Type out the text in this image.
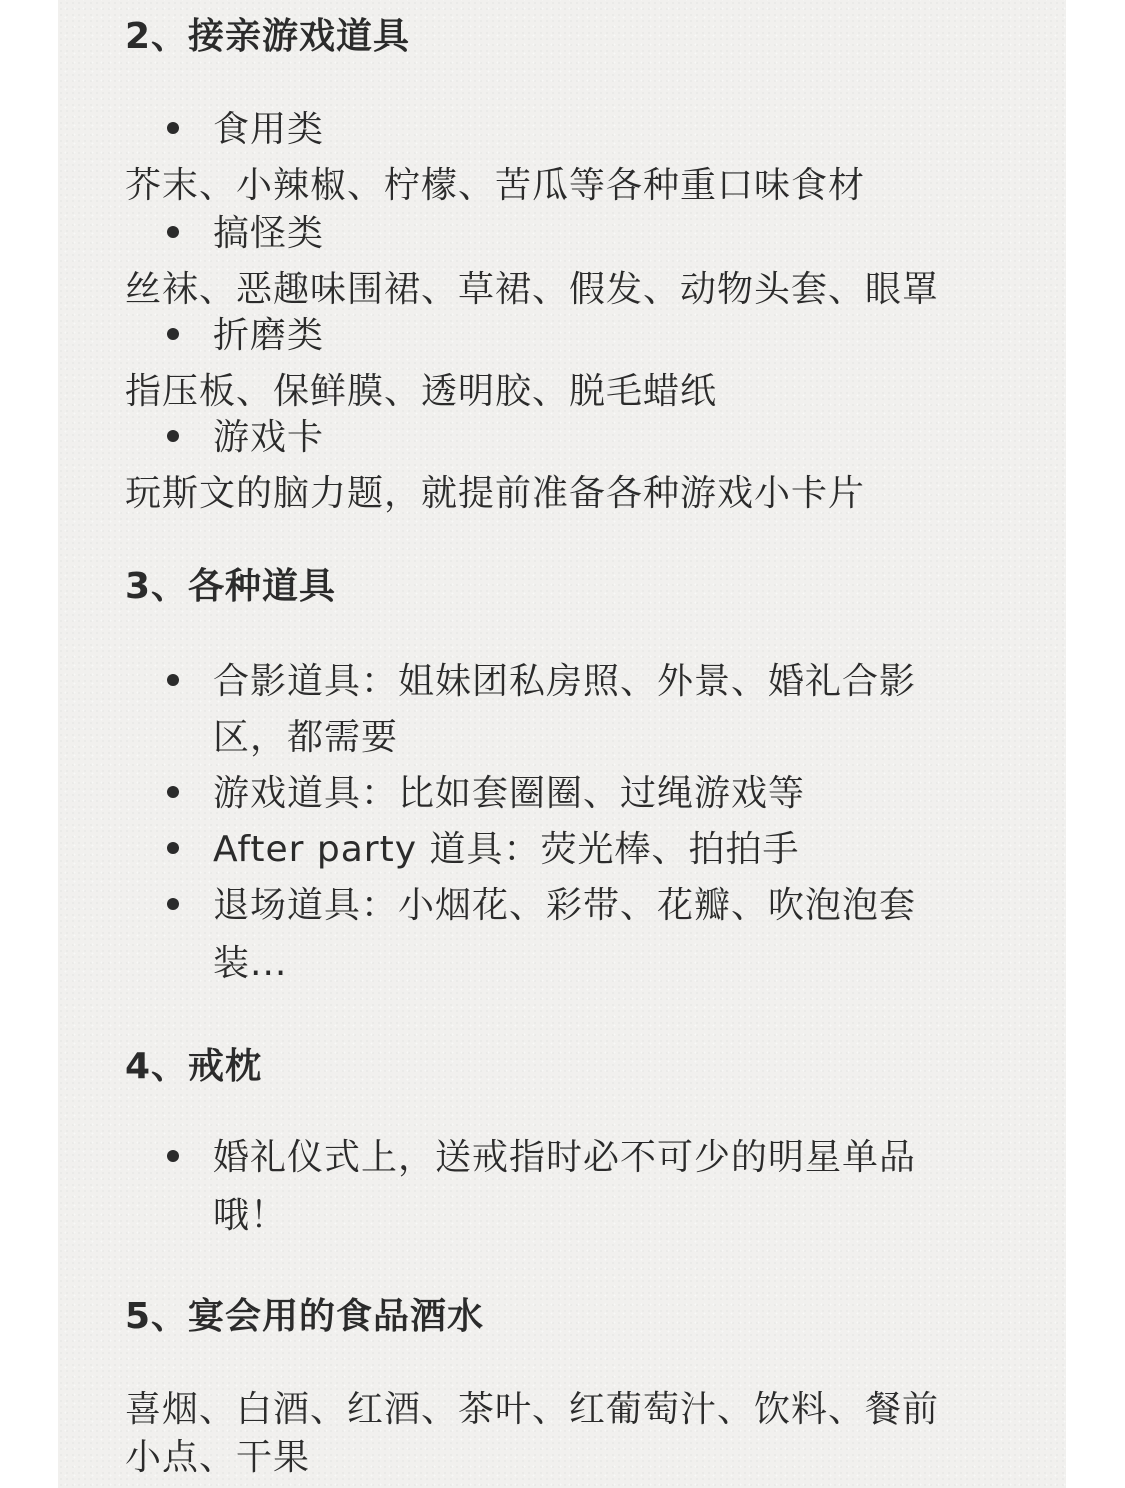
2、接亲游戏道具
食用类
芥末、小辣椒、柠檬、苦瓜等各种重口味食材
搞怪类
丝袜、恶趣味围裙、草裙、假发、动物头套、眼罩
折磨类
指压板、保鲜膜、透明胶、脱毛蜡纸
游戏卡
玩斯文的脑力题，就提前准备各种游戏小卡片
3、各种道具
合影道具：姐妹团私房照、外景、婚礼合影
区，都需要
游戏道具：比如套圈圈、过绳游戏等
After party 道具：荧光棒、拍拍手
退场道具：小烟花、彩带、花瓣、吹泡泡套
装...
4、戒枕
婚礼仪式上，送戒指时必不可少的明星单品
哦！
5、宴会用的食品酒水
喜烟、白酒、红酒、茶叶、红葡萄汁、饮料、餐前
小点、干果
